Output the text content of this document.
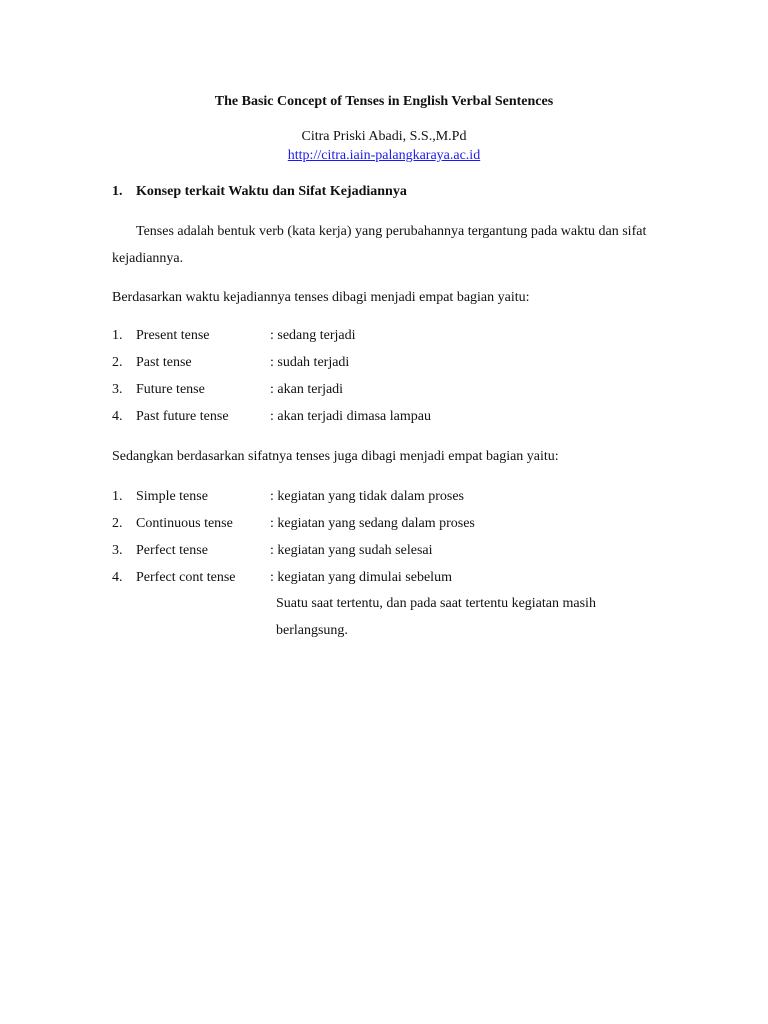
The Basic Concept of Tenses in English Verbal Sentences
Citra Priski Abadi, S.S.,M.Pd
http://citra.iain-palangkaraya.ac.id
1. Konsep terkait Waktu dan Sifat Kejadiannya
Tenses adalah bentuk verb (kata kerja) yang perubahannya tergantung pada waktu dan sifat kejadiannya.
Berdasarkan waktu kejadiannya tenses dibagi menjadi empat bagian yaitu:
1. Present tense	: sedang terjadi
2. Past tense	: sudah terjadi
3. Future tense	: akan terjadi
4. Past future tense	: akan terjadi dimasa lampau
Sedangkan berdasarkan sifatnya tenses juga dibagi menjadi empat bagian yaitu:
1. Simple tense	: kegiatan yang tidak dalam proses
2. Continuous tense	: kegiatan yang sedang dalam proses
3. Perfect tense	: kegiatan yang sudah selesai
4. Perfect cont tense	: kegiatan yang dimulai sebelum
Suatu saat tertentu, dan pada saat tertentu kegiatan masih berlangsung.
